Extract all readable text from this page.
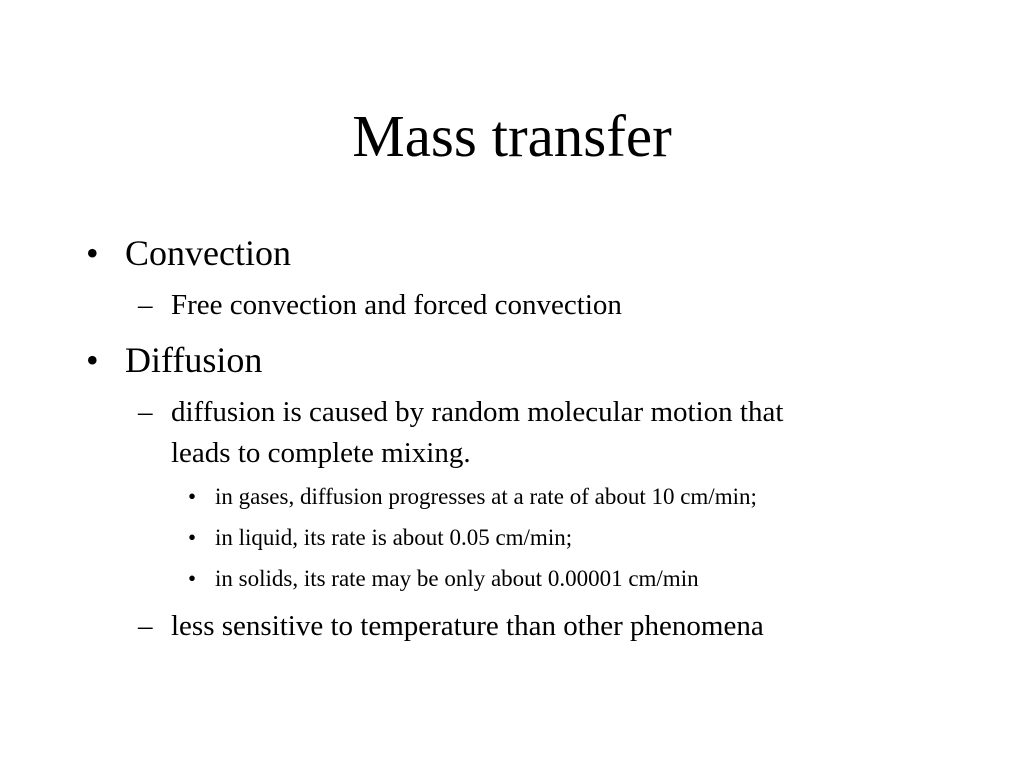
Mass transfer
• Convection
– Free convection and forced convection
• Diffusion
– diffusion is caused by random molecular motion that
leads to complete mixing.
• in gases, diffusion progresses at a rate of about 10 cm/min;
• in liquid, its rate is about 0.05 cm/min;
• in solids, its rate may be only about 0.00001 cm/min
– less sensitive to temperature than other phenomena
